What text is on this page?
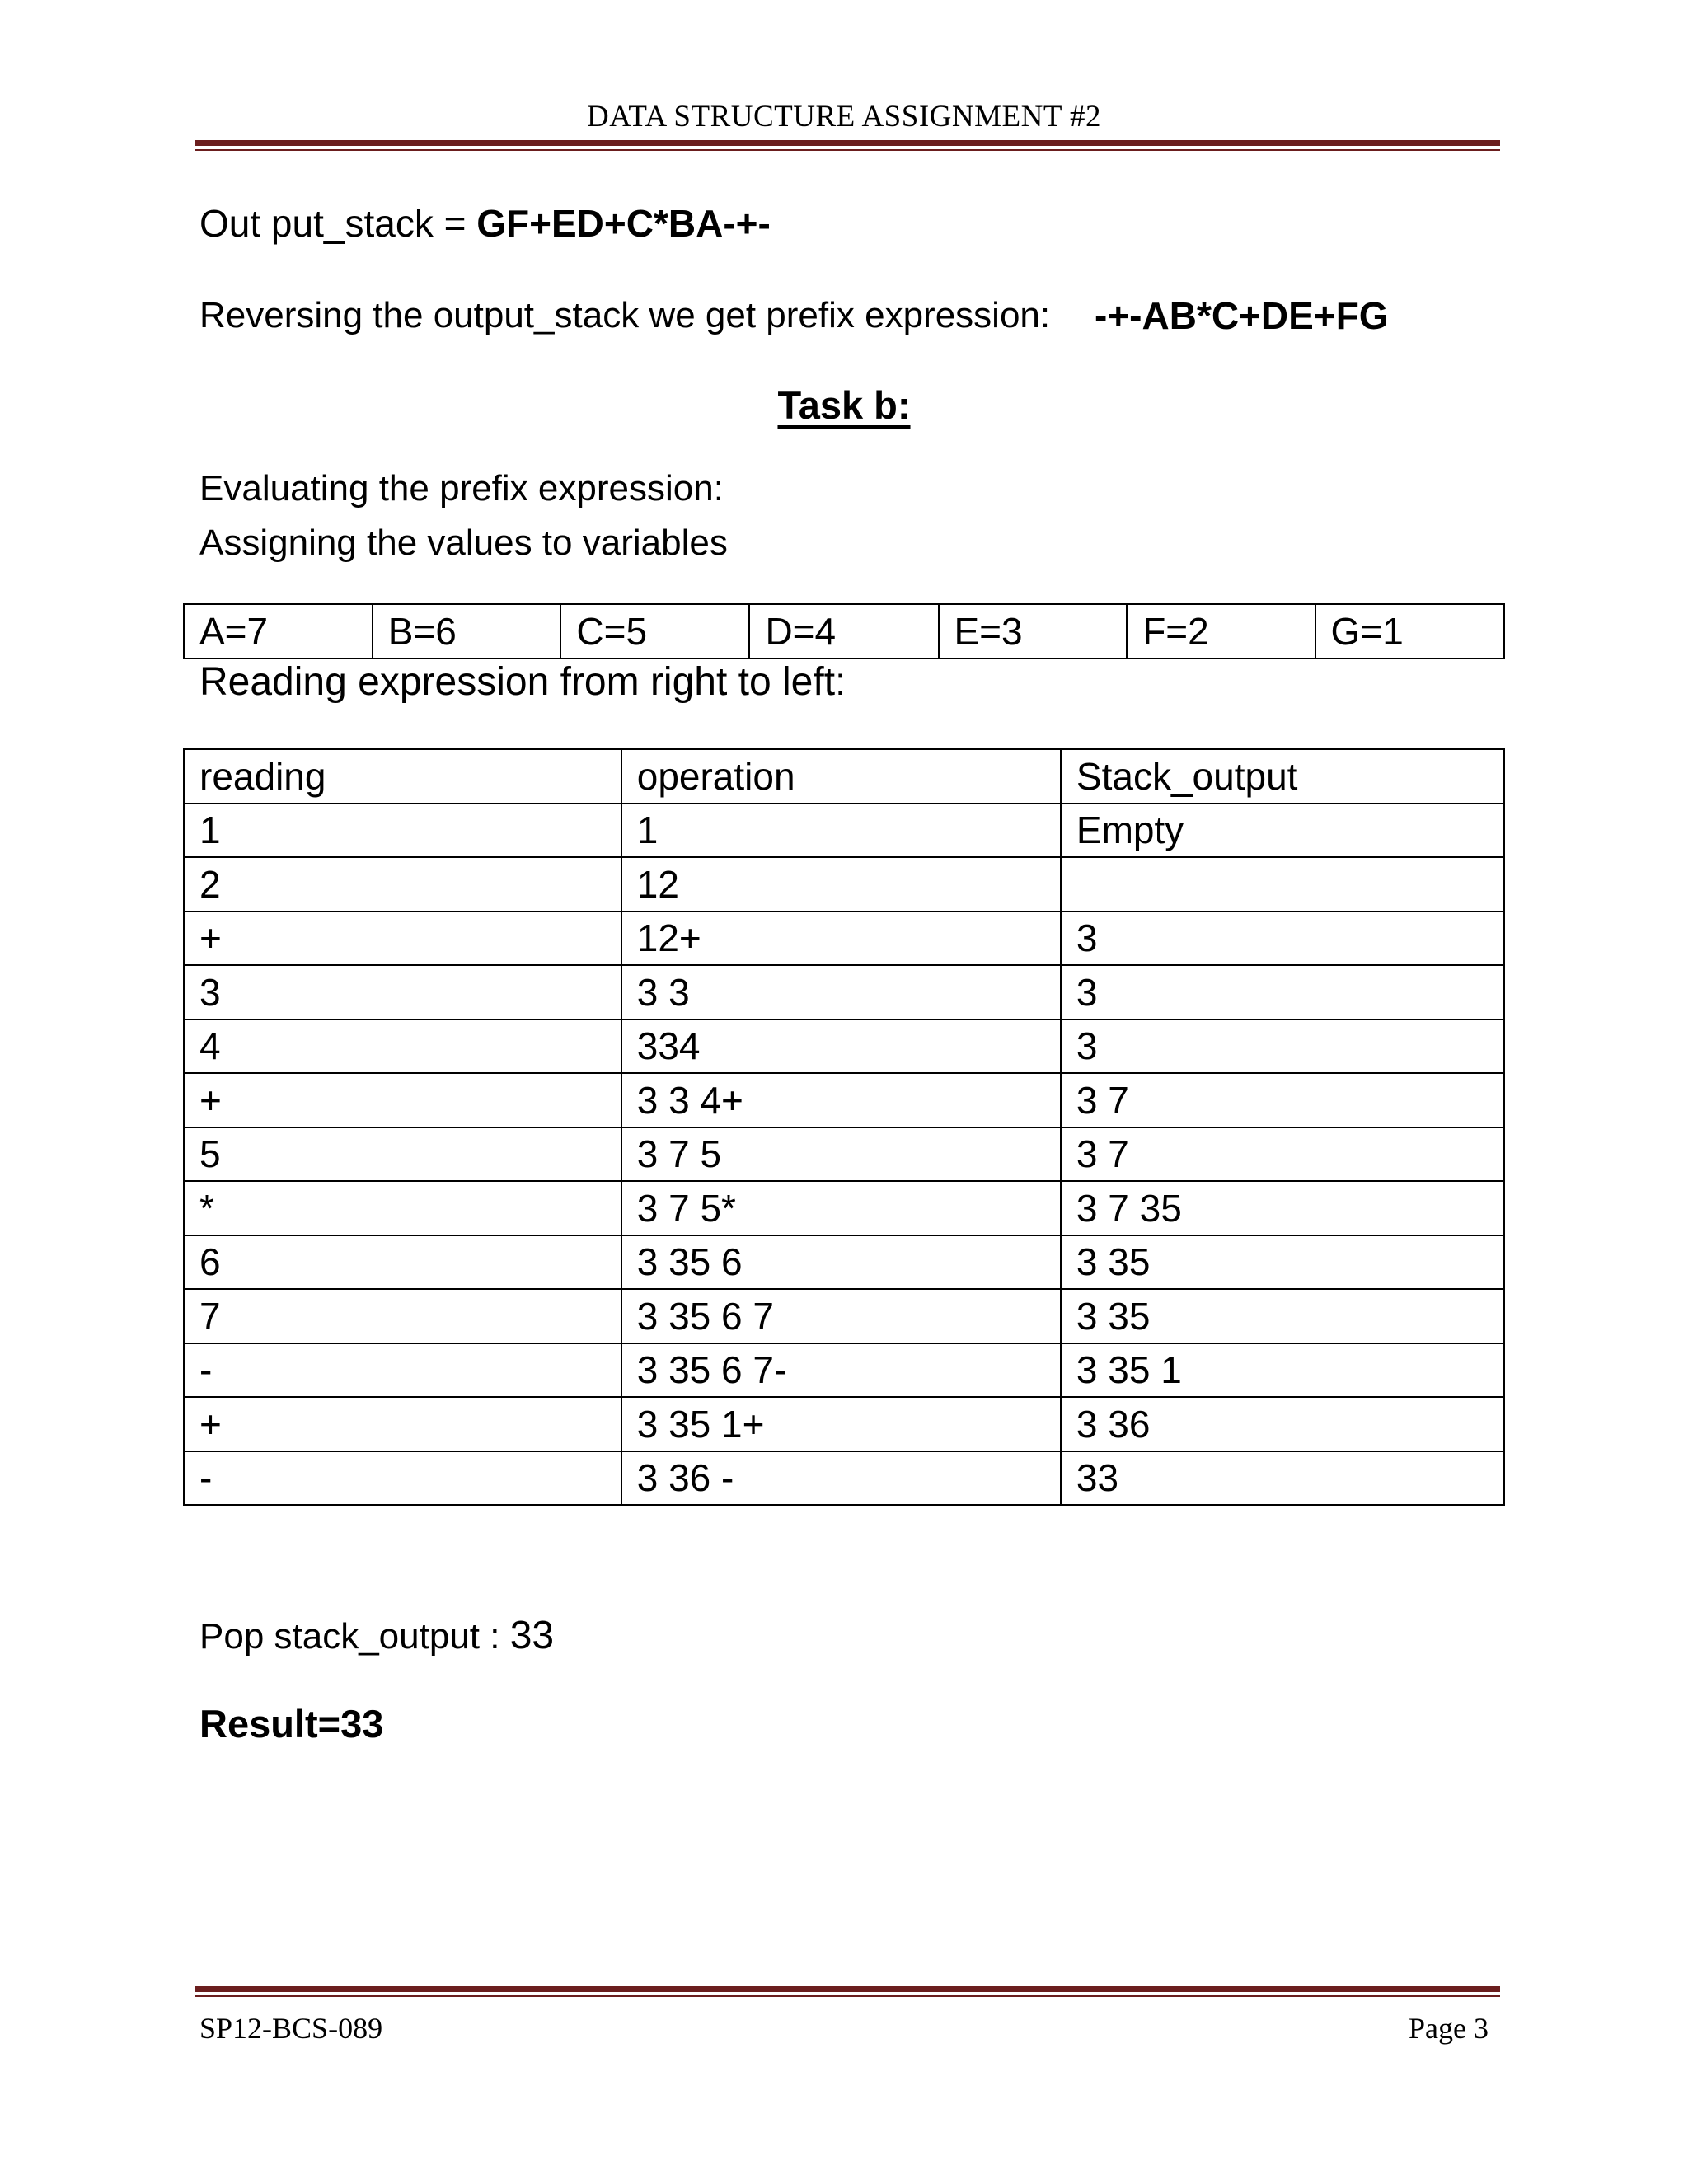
DATA STRUCTURE ASSIGNMENT #2
Out put_stack = GF+ED+C*BA-+-
Reversing the output_stack we get prefix expression: -+-AB*C+DE+FG
Task b:
Evaluating the prefix expression:
Assigning the values to variables
A=7	B=6	C=5	D=4	E=3	F=2	G=1
Reading expression from right to left:
reading	operation	Stack_output
1	1	Empty
2	12	
+	12+	3
3	3 3	3
4	334	3
+	3 3 4+	3 7
5	3 7 5	3 7
*	3 7 5*	3 7 35
6	3 35 6	3 35
7	3 35 6 7	3 35
-	3 35 6 7-	3 35 1
+	3 35 1+	3 36
-	3 36 -	33
Pop stack_output : 33
Result=33
SP12-BCS-089	Page 3
